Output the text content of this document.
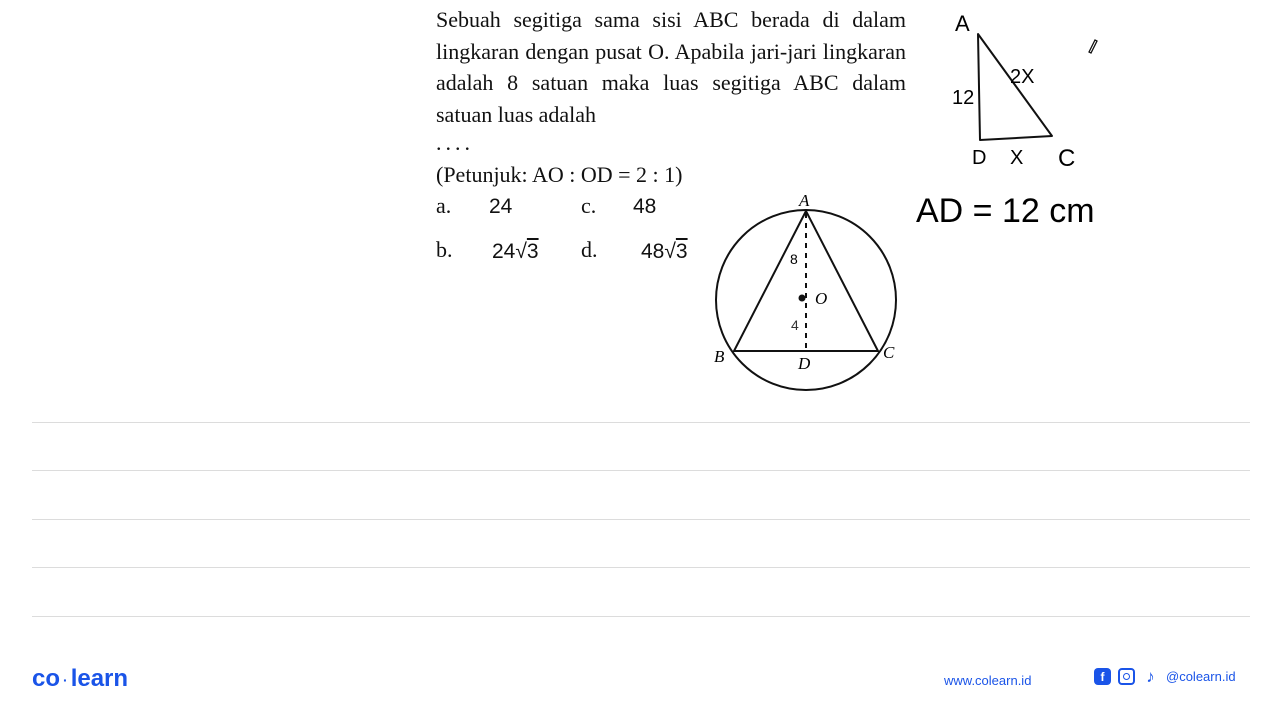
Sebuah segitiga sama sisi ABC berada di dalam lingkaran dengan pusat O. Apabila jari-jari lingkaran adalah 8 satuan maka luas segitiga ABC dalam satuan luas adalah

....
(Petunjuk: AO : OD = 2 : 1)
a. 24	c. 48
b. 24√3 d. 48√3
A
B	C
D
O
8
4
A
12
2X
D X C
AD = 12 cm
co · learn	www.colearn.id	f	♪ @colearn.id
